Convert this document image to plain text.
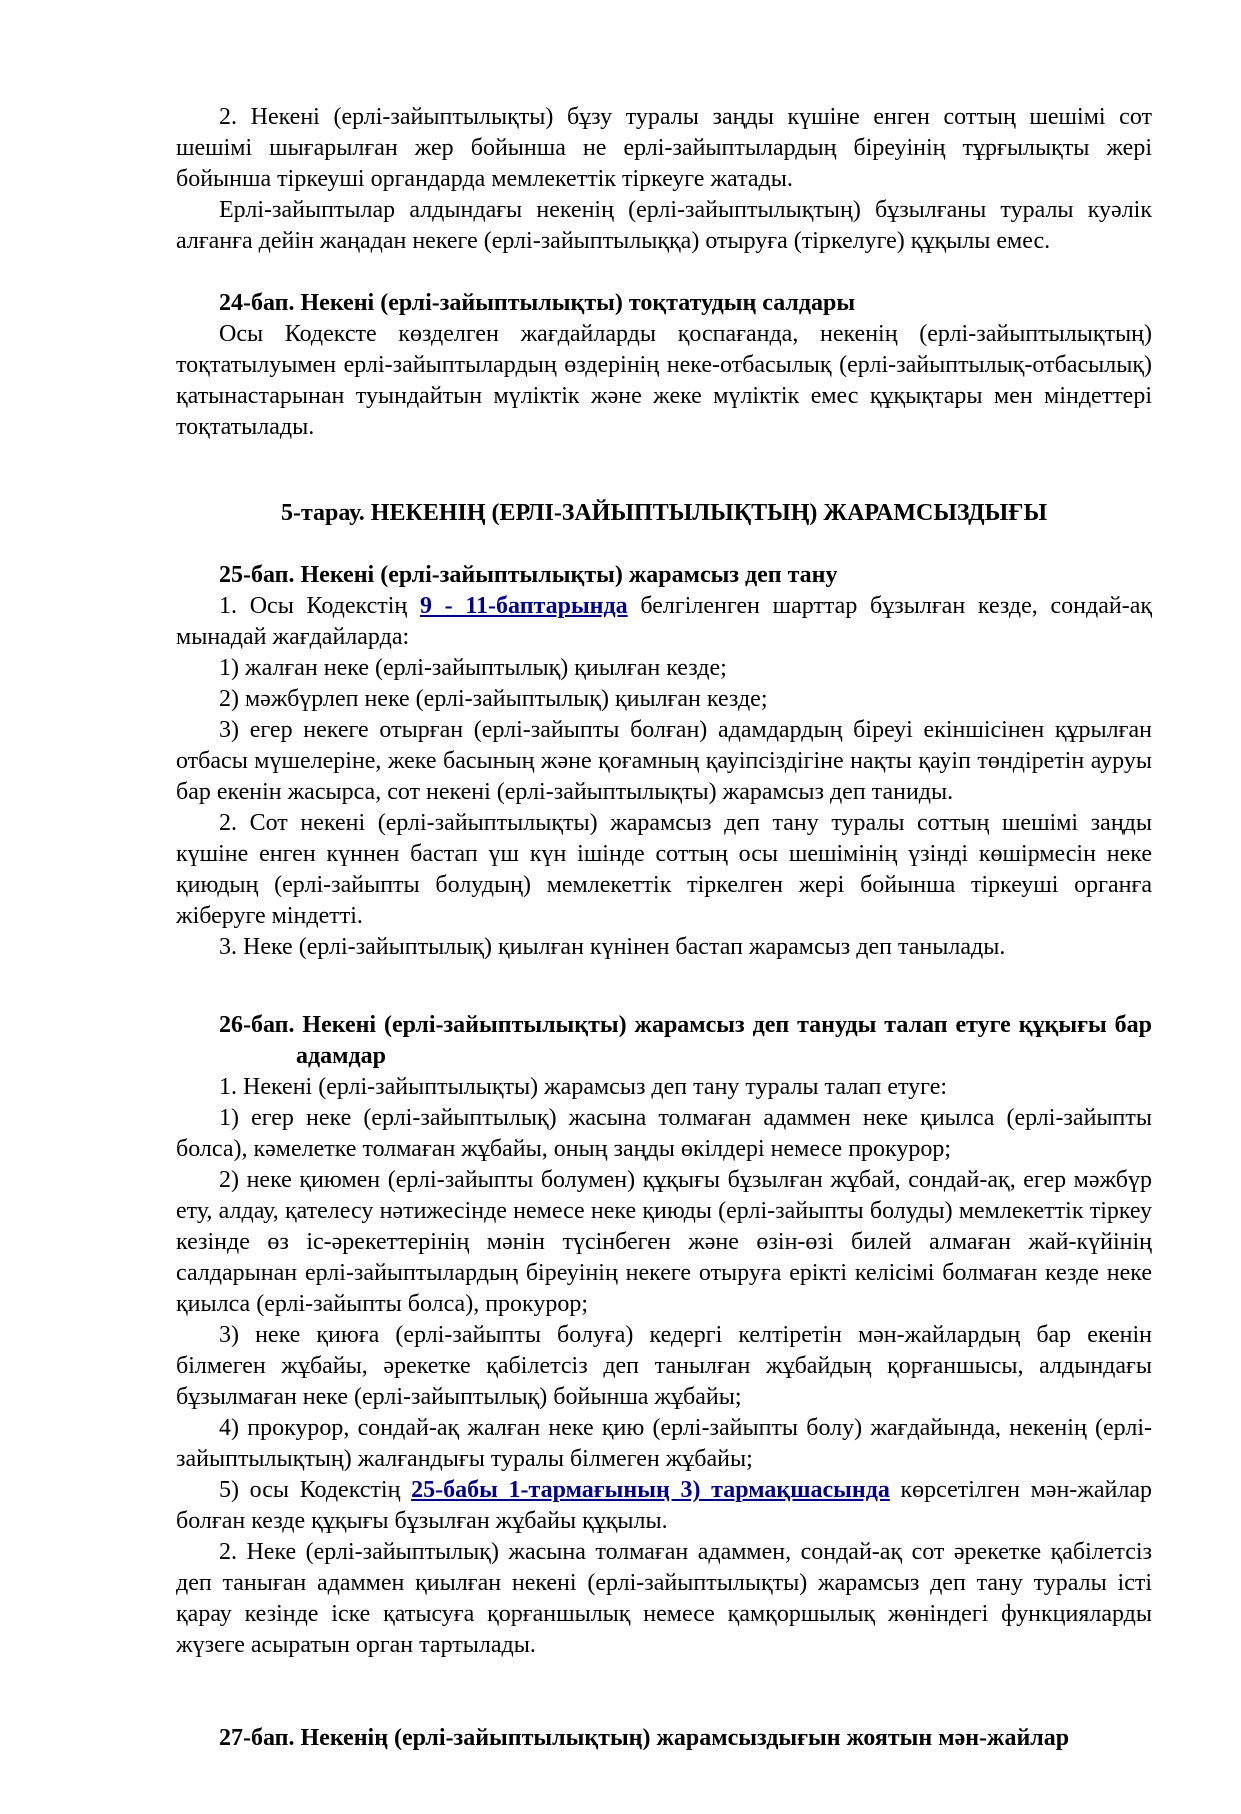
2. Некені (ерлі-зайыптылықты) бұзу туралы заңды күшіне енген соттың шешімі сот шешімі шығарылған жер бойынша не ерлі-зайыптылардың біреуінің тұрғылықты жері бойынша тіркеуші органдарда мемлекеттік тіркеуге жатады.

Ерлі-зайыптылар алдындағы некенің (ерлі-зайыптылықтың) бұзылғаны туралы куәлік алғанға дейін жаңадан некеге (ерлі-зайыптылыққа) отыруға (тіркелуге) құқылы емес.

24-бап. Некені (ерлі-зайыптылықты) тоқтатудың салдары

Осы Кодексте көзделген жағдайларды қоспағанда, некенің (ерлі-зайыптылықтың) тоқтатылуымен ерлі-зайыптылардың өздерінің неке-отбасылық (ерлі-зайыптылық-отбасылық) қатынастарынан туындайтын мүліктік және жеке мүліктік емес құқықтары мен міндеттері тоқтатылады.

5-тарау. НЕКЕНІҢ (ЕРЛІ-ЗАЙЫПТЫЛЫҚТЫҢ) ЖАРАМСЫЗДЫҒЫ

25-бап. Некені (ерлі-зайыптылықты) жарамсыз деп тану

1. Осы Кодекстің 9 - 11-баптарында белгіленген шарттар бұзылған кезде, сондай-ақ мынадай жағдайларда:

1) жалған неке (ерлі-зайыптылық) қиылған кезде;

2) мәжбүрлеп неке (ерлі-зайыптылық) қиылған кезде;

3) егер некеге отырған (ерлі-зайыпты болған) адамдардың біреуі екіншісінен құрылған отбасы мүшелеріне, жеке басының және қоғамның қауіпсіздігіне нақты қауіп төндіретін ауруы бар екенін жасырса, сот некені (ерлі-зайыптылықты) жарамсыз деп таниды.

2. Сот некені (ерлі-зайыптылықты) жарамсыз деп тану туралы соттың шешімі заңды күшіне енген күннен бастап үш күн ішінде соттың осы шешімінің үзінді көшірмесін неке қиюдың (ерлі-зайыпты болудың) мемлекеттік тіркелген жері бойынша тіркеуші органға жіберуге міндетті.

3. Неке (ерлі-зайыптылық) қиылған күнінен бастап жарамсыз деп танылады.

26-бап. Некені (ерлі-зайыптылықты) жарамсыз деп тануды талап етуге құқығы бар адамдар

1. Некені (ерлі-зайыптылықты) жарамсыз деп тану туралы талап етуге:

1) егер неке (ерлі-зайыптылық) жасына толмаған адаммен неке қиылса (ерлі-зайыпты болса), кәмелетке толмаған жұбайы, оның заңды өкілдері немесе прокурор;

2) неке қиюмен (ерлі-зайыпты болумен) құқығы бұзылған жұбай, сондай-ақ, егер мәжбүр ету, алдау, қателесу нәтижесінде немесе неке қиюды (ерлі-зайыпты болуды) мемлекеттік тіркеу кезінде өз іс-әрекеттерінің мәнін түсінбеген және өзін-өзі билей алмаған жай-күйінің салдарынан ерлі-зайыптылардың біреуінің некеге отыруға ерікті келісімі болмаған кезде неке қиылса (ерлі-зайыпты болса), прокурор;

3) неке қиюға (ерлі-зайыпты болуға) кедергі келтіретін мән-жайлардың бар екенін білмеген жұбайы, әрекетке қабілетсіз деп танылған жұбайдың қорғаншысы, алдындағы бұзылмаған неке (ерлі-зайыптылық) бойынша жұбайы;

4) прокурор, сондай-ақ жалған неке қию (ерлі-зайыпты болу) жағдайында, некенің (ерлі-зайыптылықтың) жалғандығы туралы білмеген жұбайы;

5) осы Кодекстің 25-бабы 1-тармағының 3) тармақшасында көрсетілген мән-жайлар болған кезде құқығы бұзылған жұбайы құқылы.

2. Неке (ерлі-зайыптылық) жасына толмаған адаммен, сондай-ақ сот әрекетке қабілетсіз деп таныған адаммен қиылған некені (ерлі-зайыптылықты) жарамсыз деп тану туралы істі қарау кезінде іске қатысуға қорғаншылық немесе қамқоршылық жөніндегі функцияларды жүзеге асыратын орган тартылады.

27-бап. Некенің (ерлі-зайыптылықтың) жарамсыздығын жоятын мән-жайлар
